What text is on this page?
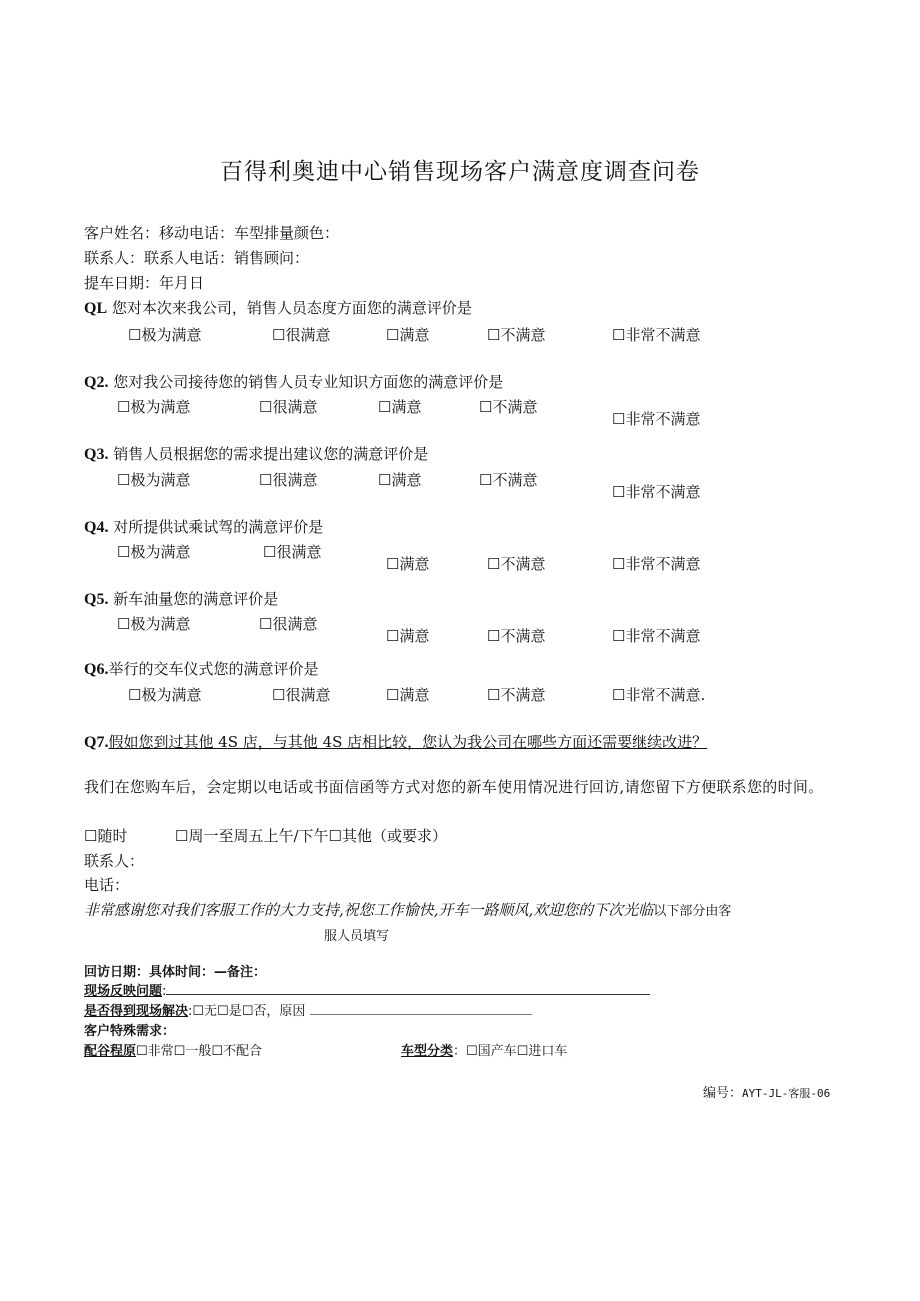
百得利奥迪中心销售现场客户满意度调查问卷
客户姓名：移动电话：车型排量颜色：
联系人：联系人电话：销售顾问：
提车日期：年月日
QL 您对本次来我公司，销售人员态度方面您的满意评价是
☐极为满意	☐很满意	☐满意	☐不满意	☐非常不满意
Q2. 您对我公司接待您的销售人员专业知识方面您的满意评价是
☐极为满意	☐很满意	☐满意	☐不满意
☐非常不满意
Q3. 销售人员根据您的需求提出建议您的满意评价是
☐极为满意	☐很满意	☐满意	☐不满意
☐非常不满意
Q4. 对所提供试乘试驾的满意评价是
☐极为满意	☐很满意
☐满意	☐不满意	☐非常不满意
Q5. 新车油量您的满意评价是
☐极为满意	☐很满意
☐满意	☐不满意	☐非常不满意
Q6.举行的交车仪式您的满意评价是
☐极为满意	☐很满意	☐满意	☐不满意	☐非常不满意.
Q7.假如您到过其他 4S 店，与其他 4S 店相比较，您认为我公司在哪些方面还需要继续改进？
我们在您购车后，会定期以电话或书面信函等方式对您的新车使用情况进行回访,请您留下方便联系您的时间。
☐随时	☐周一至周五上午/下午☐其他（或要求）
联系人：
电话：
非常感谢您对我们客服工作的大力支持,祝您工作愉快,开车一路顺风,欢迎您的下次光临以下部分由客
服人员填写
回访日期：具体时间：—备注：
现场反映问题:
是否得到现场解决:☐无☐是☐否，原因
客户特殊需求：
配谷程原☐非常☐一般☐不配合	车型分类：☐国产车☐进口车
编号：AYT-JL-客服-06
